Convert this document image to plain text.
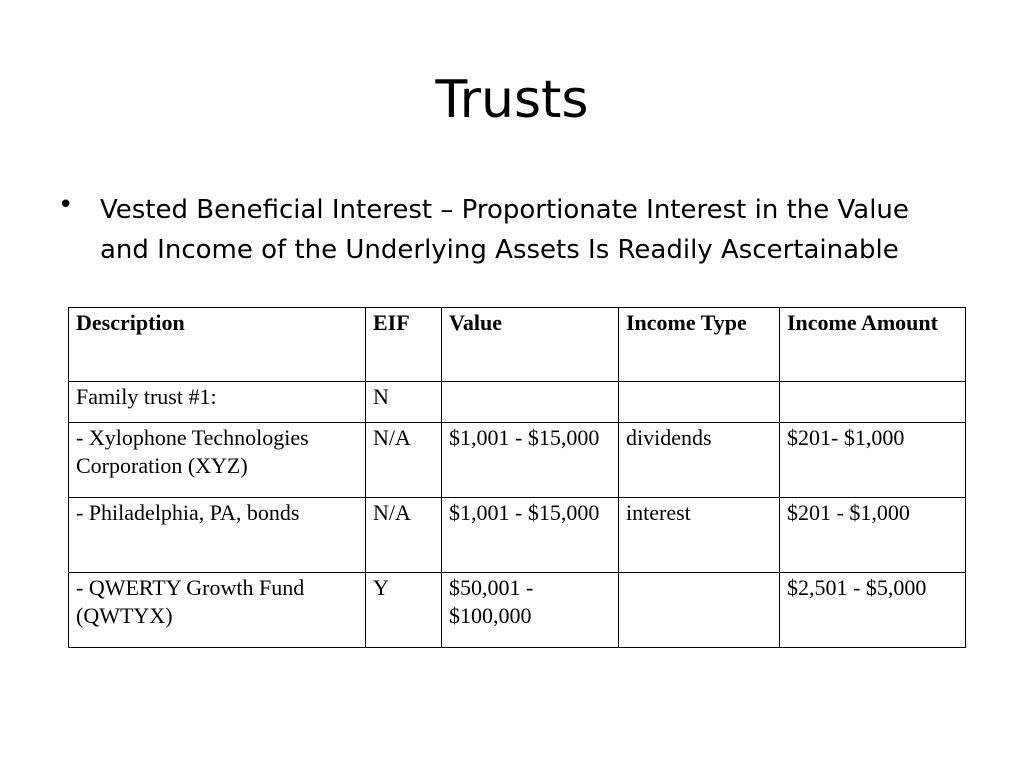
Trusts
• Vested Beneficial Interest – Proportionate Interest in the Value and Income of the Underlying Assets Is Readily Ascertainable
Description	EIF	Value	Income Type	Income Amount
Family trust #1:	N			
- Xylophone Technologies Corporation (XYZ)	N/A	$1,001 - $15,000	dividends	$201- $1,000
- Philadelphia, PA, bonds	N/A	$1,001 - $15,000	interest	$201 - $1,000
- QWERTY Growth Fund (QWTYX)	Y	$50,001 - $100,000		$2,501 - $5,000
